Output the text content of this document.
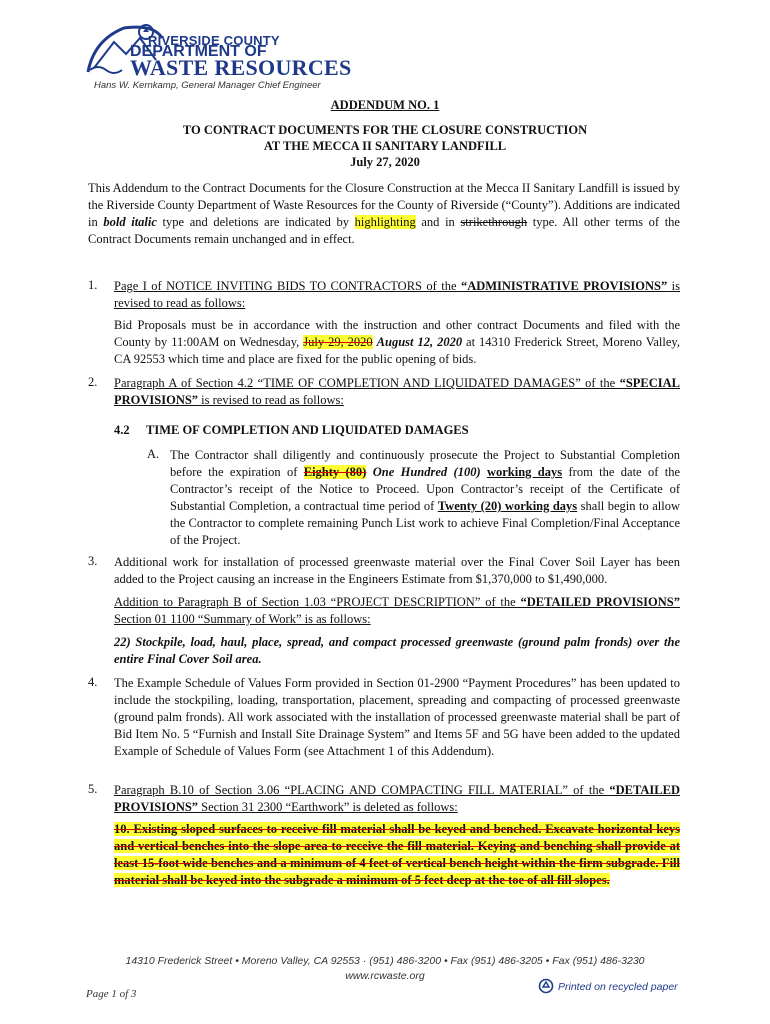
RIVERSIDE COUNTY
DEPARTMENT OF
WASTE RESOURCES
Hans W. Kernkamp, General Manager Chief Engineer
ADDENDUM NO. 1
TO CONTRACT DOCUMENTS FOR THE CLOSURE CONSTRUCTION
AT THE MECCA II SANITARY LANDFILL
July 27, 2020
This Addendum to the Contract Documents for the Closure Construction at the Mecca II Sanitary Landfill is issued by the Riverside County Department of Waste Resources for the County of Riverside (“County”). Additions are indicated in bold italic type and deletions are indicated by highlighting and in strikethrough type. All other terms of the Contract Documents remain unchanged and in effect.
1. Page I of NOTICE INVITING BIDS TO CONTRACTORS of the “ADMINISTRATIVE PROVISIONS” is revised to read as follows:
Bid Proposals must be in accordance with the instruction and other contract Documents and filed with the County by 11:00AM on Wednesday, July 29, 2020 August 12, 2020 at 14310 Frederick Street, Moreno Valley, CA 92553 which time and place are fixed for the public opening of bids.
2. Paragraph A of Section 4.2 “TIME OF COMPLETION AND LIQUIDATED DAMAGES” of the “SPECIAL PROVISIONS” is revised to read as follows:
4.2 TIME OF COMPLETION AND LIQUIDATED DAMAGES
A. The Contractor shall diligently and continuously prosecute the Project to Substantial Completion before the expiration of Eighty (80) One Hundred (100) working days from the date of the Contractor’s receipt of the Notice to Proceed. Upon Contractor’s receipt of the Certificate of Substantial Completion, a contractual time period of Twenty (20) working days shall begin to allow the Contractor to complete remaining Punch List work to achieve Final Completion/Final Acceptance of the Project.
3. Additional work for installation of processed greenwaste material over the Final Cover Soil Layer has been added to the Project causing an increase in the Engineers Estimate from $1,370,000 to $1,490,000.
Addition to Paragraph B of Section 1.03 “PROJECT DESCRIPTION” of the “DETAILED PROVISIONS” Section 01 1100 “Summary of Work” is as follows:
22) Stockpile, load, haul, place, spread, and compact processed greenwaste (ground palm fronds) over the entire Final Cover Soil area.
4. The Example Schedule of Values Form provided in Section 01-2900 “Payment Procedures” has been updated to include the stockpiling, loading, transportation, placement, spreading and compacting of processed greenwaste (ground palm fronds). All work associated with the installation of processed greenwaste material shall be part of Bid Item No. 5 “Furnish and Install Site Drainage System” and Items 5F and 5G have been added to the updated Example of Schedule of Values Form (see Attachment 1 of this Addendum).
5. Paragraph B.10 of Section 3.06 “PLACING AND COMPACTING FILL MATERIAL” of the “DETAILED PROVISIONS” Section 31 2300 “Earthwork” is deleted as follows:
10. Existing sloped surfaces to receive fill material shall be keyed and benched. Excavate horizontal keys and vertical benches into the slope area to receive the fill material. Keying and benching shall provide at least 15-foot wide benches and a minimum of 4 feet of vertical bench height within the firm subgrade. Fill material shall be keyed into the subgrade a minimum of 5 feet deep at the toe of all fill slopes.
14310 Frederick Street • Moreno Valley, CA 92553 · (951) 486-3200 • Fax (951) 486-3205 • Fax (951) 486-3230
www.rcwaste.org
Page 1 of 3
Printed on recycled paper
